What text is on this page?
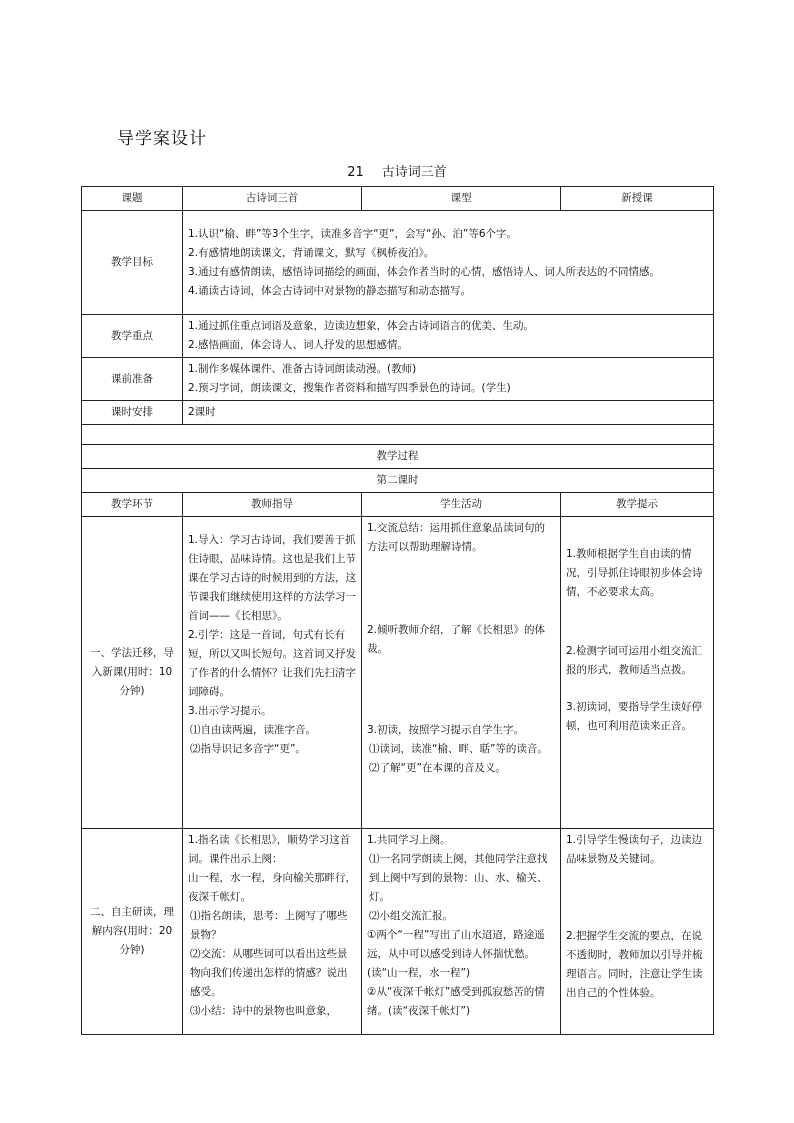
导学案设计
21 古诗词三首
课题	古诗词三首	课型	新授课
教学目标	1.认识“榆、畔”等3个生字，读准多音字“更”，会写“孙、泊”等6个字。
2.有感情地朗读课文，背诵课文，默写《枫桥夜泊》。
3.通过有感情朗读，感悟诗词描绘的画面，体会作者当时的心情，感悟诗人、词人所表达的不同情感。
4.诵读古诗词，体会古诗词中对景物的静态描写和动态描写。		

教学重点	1.通过抓住重点词语及意象，边读边想象，体会古诗词语言的优美、生动。
2.感悟画面，体会诗人、词人抒发的思想感情。		

课前准备	1.制作多媒体课件、准备古诗词朗读动漫。(教师)
2.预习字词，朗读课文，搜集作者资料和描写四季景色的诗词。(学生)		

课时安排	2课时		

教学过程			
第二课时			
教学环节	教师指导	学生活动	教学提示
一、学法迁移，导入新课(用时：10分钟)	1.导入：学习古诗词，我们要善于抓住诗眼，品味诗情。这也是我们上节课在学习古诗的时候用到的方法，这节课我们继续使用这样的方法学习一首词——《长相思》。
2.引学：这是一首词，句式有长有短，所以又叫长短句。这首词又抒发了作者的什么情怀？让我们先扫清字词障碍。
3.出示学习提示。
⑴自由读两遍，读准字音。
⑵指导识记多音字“更”。	1.交流总结：运用抓住意象品读词句的方法可以帮助理解诗情。
2.倾听教师介绍，了解《长相思》的体裁。
3.初读，按照学习提示自学生字。
⑴读词，读准“榆、畔、聒”等的读音。
⑵了解“更”在本课的音及义。	1.教师根据学生自由读的情况，引导抓住诗眼初步体会诗情，不必要求太高。
2.检测字词可运用小组交流汇报的形式，教师适当点拨。
3.初读词，要指导学生读好停顿，也可利用范读来正音。

二、自主研读，理解内容(用时：20分钟)	1.指名读《长相思》，顺势学习这首词。课件出示上阕：
山一程，水一程，身向榆关那畔行，夜深千帐灯。
⑴指名朗读，思考：上阕写了哪些景物？
⑵交流：从哪些词可以看出这些景物向我们传递出怎样的情感？说出感受。
⑶小结：诗中的景物也叫意象，	1.共同学习上阕。
⑴一名同学朗读上阕，其他同学注意找到上阕中写到的景物：山、水、榆关、灯。
⑵小组交流汇报。
①两个“一程”写出了山水迢迢，路途遥远，从中可以感受到诗人怀揣忧愁。(读“山一程，水一程”)
②从“夜深千帐灯”感受到孤寂愁苦的情绪。(读“夜深千帐灯”)	1.引导学生慢读句子，边读边品味景物及关键词。
2.把握学生交流的要点，在说不透彻时，教师加以引导并梳理语言。同时，注意让学生读出自己的个性体验。
